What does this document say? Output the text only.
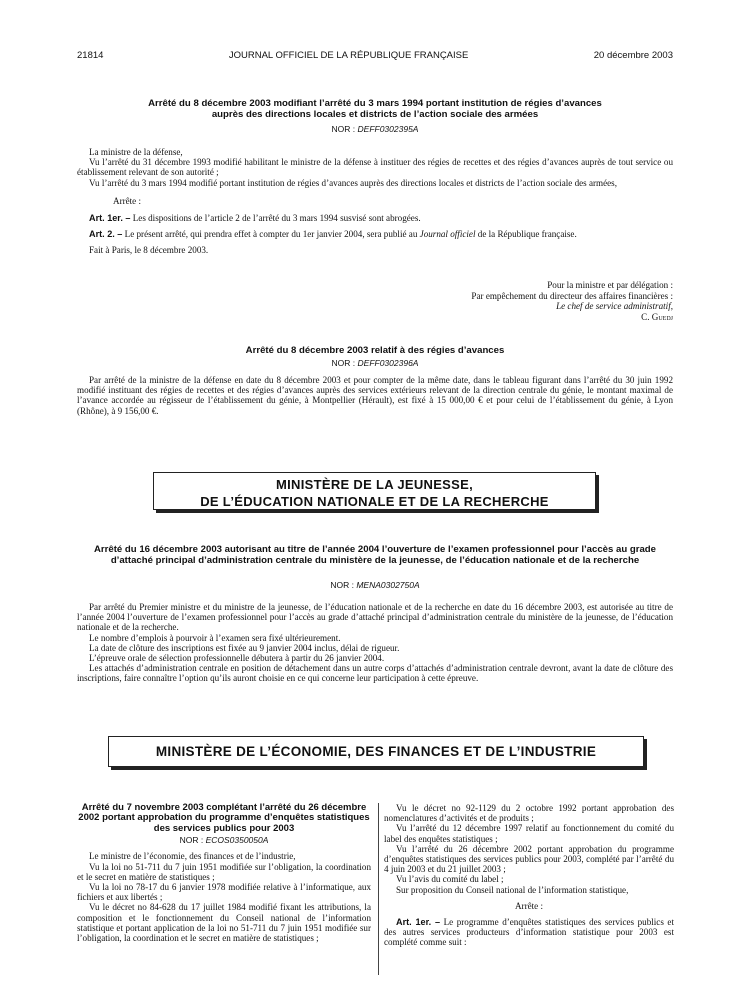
21814	JOURNAL OFFICIEL DE LA RÉPUBLIQUE FRANÇAISE	20 décembre 2003
Arrêté du 8 décembre 2003 modifiant l’arrêté du 3 mars 1994 portant institution de régies d’avances
auprès des directions locales et districts de l’action sociale des armées
NOR : DEFF0302395A

La ministre de la défense,

Vu l’arrêté du 31 décembre 1993 modifié habilitant le ministre de la défense à instituer des régies de recettes et des régies d’avances auprès de tout service ou établissement relevant de son autorité ;

Vu l’arrêté du 3 mars 1994 modifié portant institution de régies d’avances auprès des directions locales et districts de l’action sociale des armées,

Arrête :

Art. 1er. – Les dispositions de l’article 2 de l’arrêté du 3 mars 1994 susvisé sont abrogées.

Art. 2. – Le présent arrêté, qui prendra effet à compter du 1er janvier 2004, sera publié au Journal officiel de la République française.

Fait à Paris, le 8 décembre 2003.

Pour la ministre et par délégation :

Par empêchement du directeur des affaires financières :

Le chef de service administratif,

C. Guedj

Arrêté du 8 décembre 2003 relatif à des régies d’avances
NOR : DEFF0302396A

Par arrêté de la ministre de la défense en date du 8 décembre 2003 et pour compter de la même date, dans le tableau figurant dans l’arrêté du 30 juin 1992 modifié instituant des régies de recettes et des régies d’avances auprès des services extérieurs relevant de la direction centrale du génie, le montant maximal de l’avance accordée au régisseur de l’établissement du génie, à Montpellier (Hérault), est fixé à 15 000,00 € et pour celui de l’établissement du génie, à Lyon (Rhône), à 9 156,00 €.

MINISTÈRE DE LA JEUNESSE,
DE L’ÉDUCATION NATIONALE ET DE LA RECHERCHE
Arrêté du 16 décembre 2003 autorisant au titre de l’année 2004 l’ouverture de l’examen professionnel pour l’accès au grade d’attaché principal d’administration centrale du ministère de la jeunesse, de l’éducation nationale et de la recherche
NOR : MENA0302750A

Par arrêté du Premier ministre et du ministre de la jeunesse, de l’éducation nationale et de la recherche en date du 16 décembre 2003, est autorisée au titre de l’année 2004 l’ouverture de l’examen professionnel pour l’accès au grade d’attaché principal d’administration centrale du ministère de la jeunesse, de l’éducation nationale et de la recherche.

Le nombre d’emplois à pourvoir à l’examen sera fixé ultérieurement.

La date de clôture des inscriptions est fixée au 9 janvier 2004 inclus, délai de rigueur.

L’épreuve orale de sélection professionnelle débutera à partir du 26 janvier 2004.

Les attachés d’administration centrale en position de détachement dans un autre corps d’attachés d’administration centrale devront, avant la date de clôture des inscriptions, faire connaître l’option qu’ils auront choisie en ce qui concerne leur participation à cette épreuve.

MINISTÈRE DE L’ÉCONOMIE, DES FINANCES ET DE L’INDUSTRIE

Arrêté du 7 novembre 2003 complétant l’arrêté du 26 décembre 2002 portant approbation du programme d’enquêtes statistiques des services publics pour 2003

NOR : ECOS0350050A

Le ministre de l’économie, des finances et de l’industrie,

Vu la loi no 51-711 du 7 juin 1951 modifiée sur l’obligation, la coordination et le secret en matière de statistiques ;

Vu la loi no 78-17 du 6 janvier 1978 modifiée relative à l’informatique, aux fichiers et aux libertés ;

Vu le décret no 84-628 du 17 juillet 1984 modifié fixant les attributions, la composition et le fonctionnement du Conseil national de l’information statistique et portant application de la loi no 51-711 du 7 juin 1951 modifiée sur l’obligation, la coordination et le secret en matière de statistiques ;

Vu le décret no 92-1129 du 2 octobre 1992 portant approbation des nomenclatures d’activités et de produits ;

Vu l’arrêté du 12 décembre 1997 relatif au fonctionnement du comité du label des enquêtes statistiques ;

Vu l’arrêté du 26 décembre 2002 portant approbation du programme d’enquêtes statistiques des services publics pour 2003, complété par l’arrêté du 4 juin 2003 et du 21 juillet 2003 ;

Vu l’avis du comité du label ;

Sur proposition du Conseil national de l’information statistique,

Arrête :

Art. 1er. – Le programme d’enquêtes statistiques des services publics et des autres services producteurs d’information statistique pour 2003 est complété comme suit :
